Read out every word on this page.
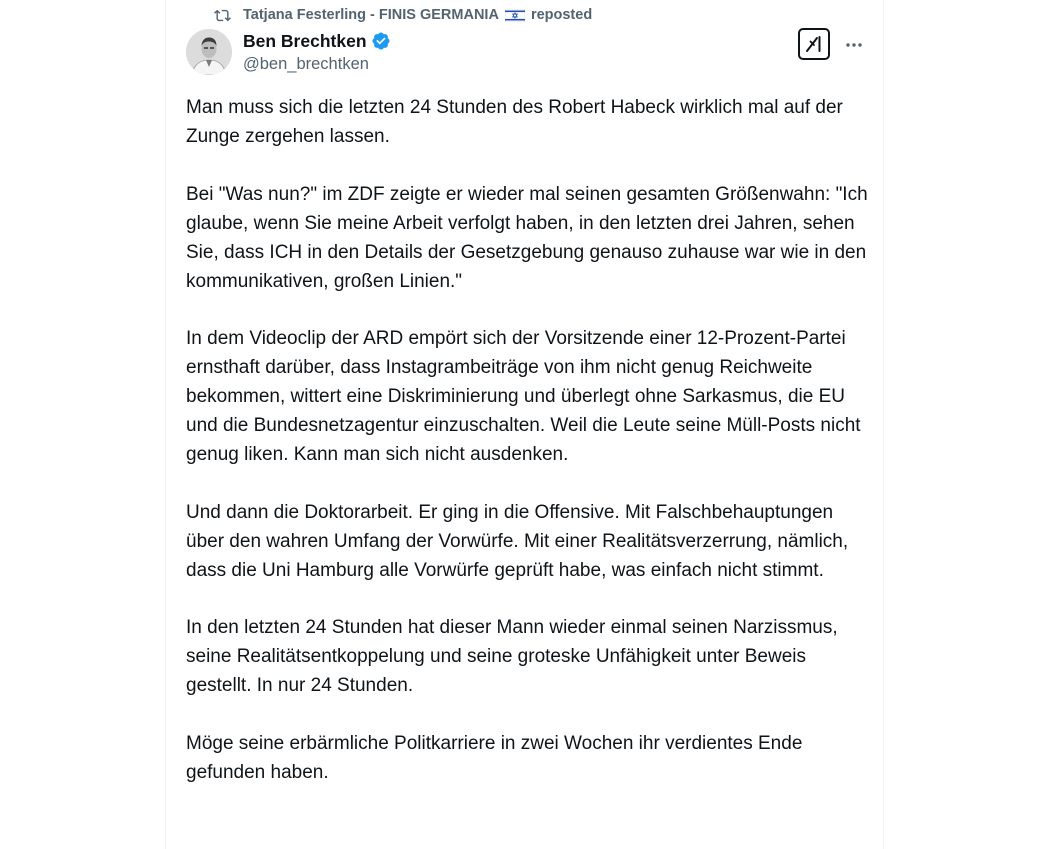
Tatjana Festerling - FINIS GERMANIA reposted
Ben Brechtken
@ben_brechtken

Man muss sich die letzten 24 Stunden des Robert Habeck wirklich mal auf der Zunge zergehen lassen.

Bei "Was nun?" im ZDF zeigte er wieder mal seinen gesamten Größenwahn: "Ich glaube, wenn Sie meine Arbeit verfolgt haben, in den letzten drei Jahren, sehen Sie, dass ICH in den Details der Gesetzgebung genauso zuhause war wie in den kommunikativen, großen Linien."

In dem Videoclip der ARD empört sich der Vorsitzende einer 12-Prozent-Partei ernsthaft darüber, dass Instagrambeiträge von ihm nicht genug Reichweite bekommen, wittert eine Diskriminierung und überlegt ohne Sarkasmus, die EU und die Bundesnetzagentur einzuschalten. Weil die Leute seine Müll-Posts nicht genug liken. Kann man sich nicht ausdenken.

Und dann die Doktorarbeit. Er ging in die Offensive. Mit Falschbehauptungen über den wahren Umfang der Vorwürfe. Mit einer Realitätsverzerrung, nämlich, dass die Uni Hamburg alle Vorwürfe geprüft habe, was einfach nicht stimmt.

In den letzten 24 Stunden hat dieser Mann wieder einmal seinen Narzissmus, seine Realitätsentkoppelung und seine groteske Unfähigkeit unter Beweis gestellt. In nur 24 Stunden.

Möge seine erbärmliche Politkarriere in zwei Wochen ihr verdientes Ende gefunden haben.
